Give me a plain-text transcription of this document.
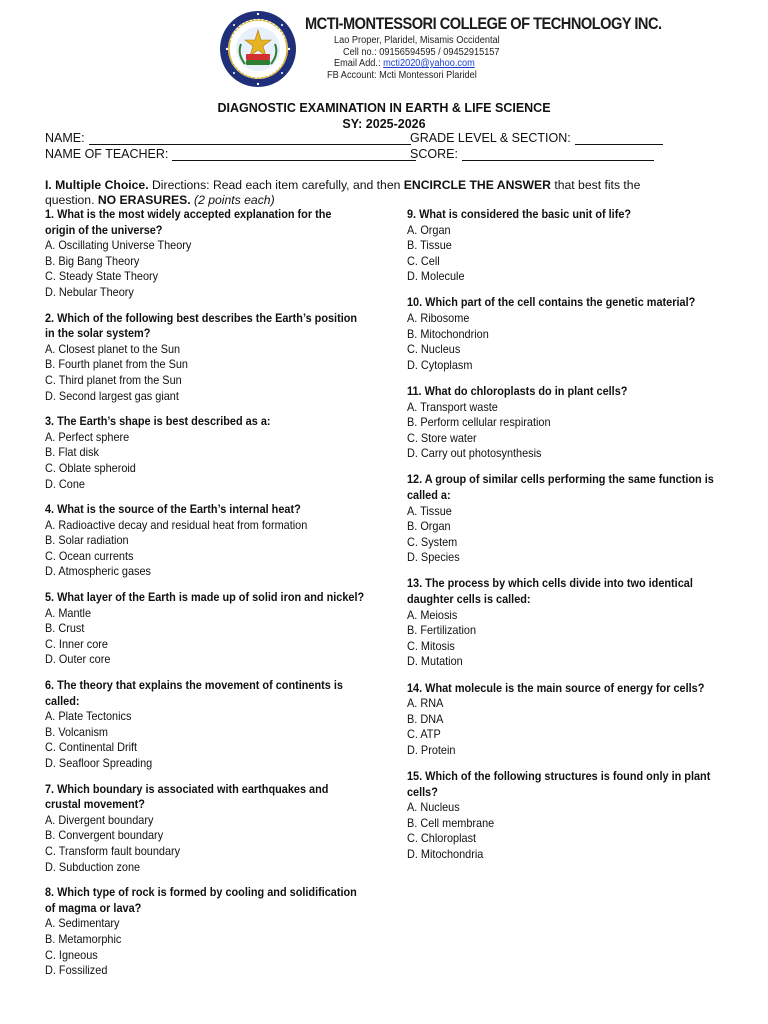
MCTI-MONTESSORI COLLEGE OF TECHNOLOGY INC.
Lao Proper, Plaridel, Misamis Occidental
Cell no.: 09156594595 / 09452915157
Email Add.: mcti2020@yahoo.com
FB Account: Mcti Montessori Plaridel
DIAGNOSTIC EXAMINATION IN EARTH & LIFE SCIENCE
SY: 2025-2026
NAME:	GRADE LEVEL & SECTION:
NAME OF TEACHER:	SCORE:
I. Multiple Choice. Directions: Read each item carefully, and then ENCIRCLE THE ANSWER that best fits the question. NO ERASURES. (2 points each)
1. What is the most widely accepted explanation for the origin of the universe?
A. Oscillating Universe Theory
B. Big Bang Theory
C. Steady State Theory
D. Nebular Theory
2. Which of the following best describes the Earth’s position in the solar system?
A. Closest planet to the Sun
B. Fourth planet from the Sun
C. Third planet from the Sun
D. Second largest gas giant
3. The Earth’s shape is best described as a:
A. Perfect sphere
B. Flat disk
C. Oblate spheroid
D. Cone
4. What is the source of the Earth’s internal heat?
A. Radioactive decay and residual heat from formation
B. Solar radiation
C. Ocean currents
D. Atmospheric gases
5. What layer of the Earth is made up of solid iron and nickel?
A. Mantle
B. Crust
C. Inner core
D. Outer core
6. The theory that explains the movement of continents is called:
A. Plate Tectonics
B. Volcanism
C. Continental Drift
D. Seafloor Spreading
7. Which boundary is associated with earthquakes and crustal movement?
A. Divergent boundary
B. Convergent boundary
C. Transform fault boundary
D. Subduction zone
8. Which type of rock is formed by cooling and solidification of magma or lava?
A. Sedimentary
B. Metamorphic
C. Igneous
D. Fossilized
9. What is considered the basic unit of life?
A. Organ
B. Tissue
C. Cell
D. Molecule
10. Which part of the cell contains the genetic material?
A. Ribosome
B. Mitochondrion
C. Nucleus
D. Cytoplasm
11. What do chloroplasts do in plant cells?
A. Transport waste
B. Perform cellular respiration
C. Store water
D. Carry out photosynthesis
12. A group of similar cells performing the same function is called a:
A. Tissue
B. Organ
C. System
D. Species
13. The process by which cells divide into two identical daughter cells is called:
A. Meiosis
B. Fertilization
C. Mitosis
D. Mutation
14. What molecule is the main source of energy for cells?
A. RNA
B. DNA
C. ATP
D. Protein
15. Which of the following structures is found only in plant cells?
A. Nucleus
B. Cell membrane
C. Chloroplast
D. Mitochondria
